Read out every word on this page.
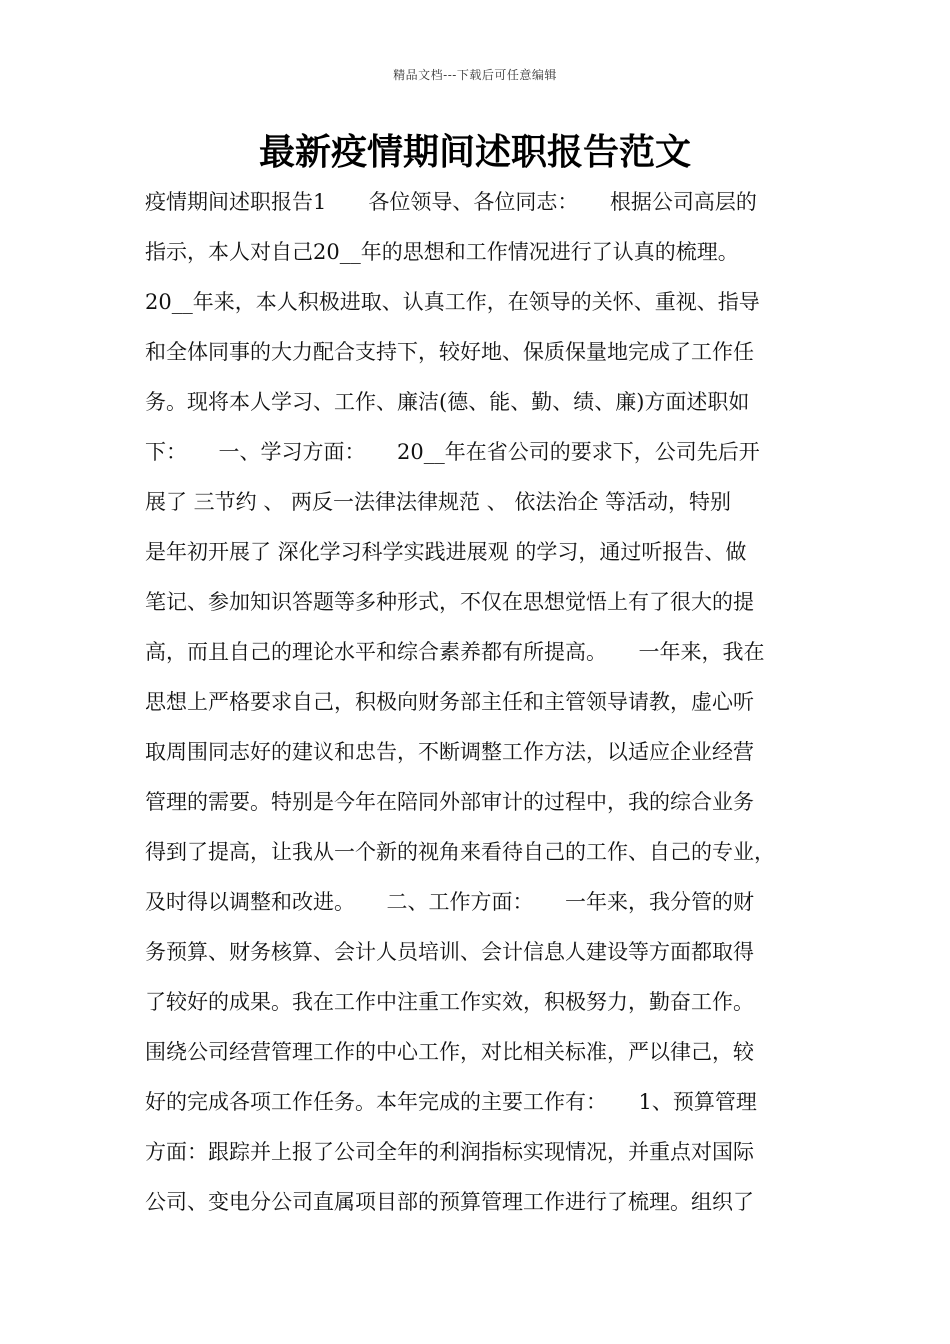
精品文档---下载后可任意编辑
最新疫情期间述职报告范文
疫情期间述职报告1　　各位领导、各位同志：　　根据公司高层的
指示，本人对自己20__年的思想和工作情况进行了认真的梳理。
20__年来，本人积极进取、认真工作，在领导的关怀、重视、指导
和全体同事的大力配合支持下，较好地、保质保量地完成了工作任
务。现将本人学习、工作、廉洁(德、能、勤、绩、廉)方面述职如
下：　　一、学习方面：　　20__年在省公司的要求下，公司先后开
展了 三节约 、 两反一法律法律规范 、 依法治企 等活动，特别
是年初开展了 深化学习科学实践进展观 的学习，通过听报告、做
笔记、参加知识答题等多种形式，不仅在思想觉悟上有了很大的提
高，而且自己的理论水平和综合素养都有所提高。　　一年来，我在
思想上严格要求自己，积极向财务部主任和主管领导请教，虚心听
取周围同志好的建议和忠告，不断调整工作方法，以适应企业经营
管理的需要。特别是今年在陪同外部审计的过程中，我的综合业务
得到了提高，让我从一个新的视角来看待自己的工作、自己的专业，
及时得以调整和改进。　　二、工作方面：　　一年来，我分管的财
务预算、财务核算、会计人员培训、会计信息人建设等方面都取得
了较好的成果。我在工作中注重工作实效，积极努力，勤奋工作。
围绕公司经营管理工作的中心工作，对比相关标准，严以律己，较
好的完成各项工作任务。本年完成的主要工作有：　　1、预算管理
方面：跟踪并上报了公司全年的利润指标实现情况，并重点对国际
公司、变电分公司直属项目部的预算管理工作进行了梳理。组织了
